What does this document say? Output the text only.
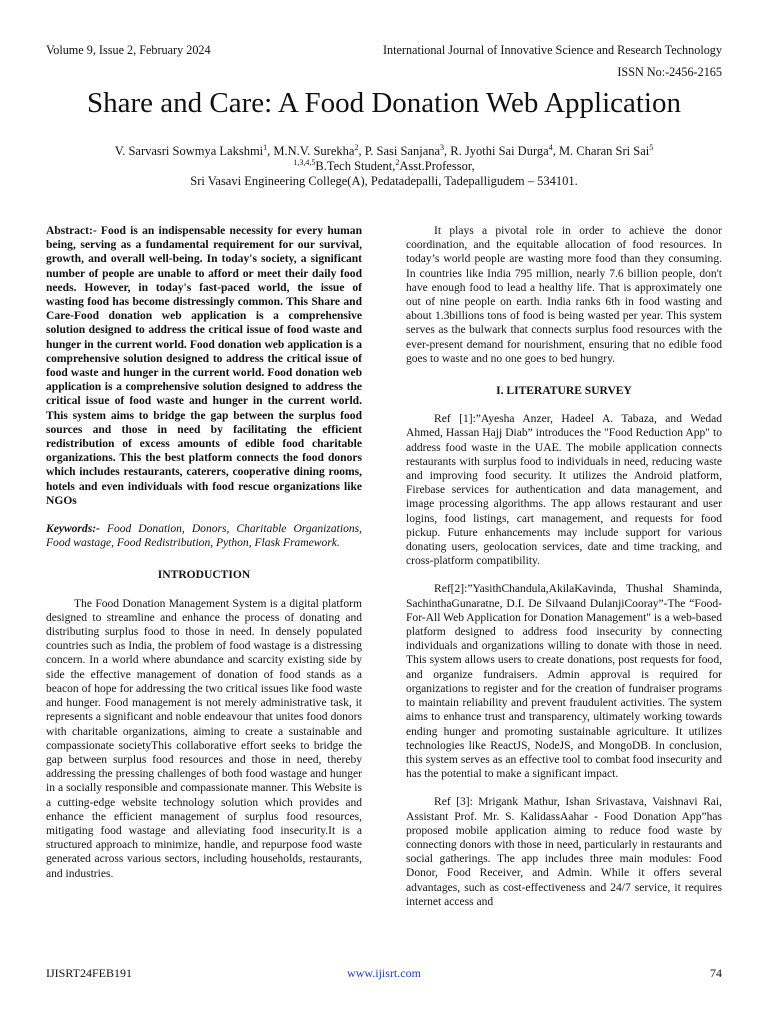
Volume 9, Issue 2, February 2024	International Journal of Innovative Science and Research Technology
ISSN No:-2456-2165
Share and Care: A Food Donation Web Application
V. Sarvasri Sowmya Lakshmi$^1$, M.N.V. Surekha$^2$, P. Sasi Sanjana$^3$, R. Jyothi Sai Durga$^4$, M. Charan Sri Sai$^5$
$^{1,3,4,5}$B.Tech Student,$^2$Asst.Professor,
Sri Vasavi Engineering College(A), Pedatadepalli, Tadepalligudem – 534101.

Abstract:- Food is an indispensable necessity for every human being, serving as a fundamental requirement for our survival, growth, and overall well-being. In today's society, a significant number of people are unable to afford or meet their daily food needs. However, in today's fast-paced world, the issue of wasting food has become distressingly common. This Share and Care-Food donation web application is a comprehensive solution designed to address the critical issue of food waste and hunger in the current world. Food donation web application is a comprehensive solution designed to address the critical issue of food waste and hunger in the current world. Food donation web application is a comprehensive solution designed to address the critical issue of food waste and hunger in the current world. This system aims to bridge the gap between the surplus food sources and those in need by facilitating the efficient redistribution of excess amounts of edible food charitable organizations. This the best platform connects the food donors which includes restaurants, caterers, cooperative dining rooms, hotels and even individuals with food rescue organizations like NGOs

Keywords:- Food Donation, Donors, Charitable Organizations, Food wastage, Food Redistribution, Python, Flask Framework.

INTRODUCTION

The Food Donation Management System is a digital platform designed to streamline and enhance the process of donating and distributing surplus food to those in need. In densely populated countries such as India, the problem of food wastage is a distressing concern. In a world where abundance and scarcity existing side by side the effective management of donation of food stands as a beacon of hope for addressing the two critical issues like food waste and hunger. Food management is not merely administrative task, it represents a significant and noble endeavour that unites food donors with charitable organizations, aiming to create a sustainable and compassionate societyThis collaborative effort seeks to bridge the gap between surplus food resources and those in need, thereby addressing the pressing challenges of both food wastage and hunger in a socially responsible and compassionate manner. This Website is a cutting-edge website technology solution which provides and enhance the efficient management of surplus food resources, mitigating food wastage and alleviating food insecurity.It is a structured approach to minimize, handle, and repurpose food waste generated across various sectors, including households, restaurants, and industries.

It plays a pivotal role in order to achieve the donor coordination, and the equitable allocation of food resources. In today’s world people are wasting more food than they consuming. In countries like India 795 million, nearly 7.6 billion people, don't have enough food to lead a healthy life. That is approximately one out of nine people on earth. India ranks 6th in food wasting and about 1.3billions tons of food is being wasted per year. This system serves as the bulwark that connects surplus food resources with the ever-present demand for nourishment, ensuring that no edible food goes to waste and no one goes to bed hungry.

I. LITERATURE SURVEY

Ref [1]:”Ayesha Anzer, Hadeel A. Tabaza, and Wedad Ahmed, Hassan Hajj Diab” introduces the "Food Reduction App" to address food waste in the UAE. The mobile application connects restaurants with surplus food to individuals in need, reducing waste and improving food security. It utilizes the Android platform, Firebase services for authentication and data management, and image processing algorithms. The app allows restaurant and user logins, food listings, cart management, and requests for food pickup. Future enhancements may include support for various donating users, geolocation services, date and time tracking, and cross-platform compatibility.

Ref[2]:”YasithChandula,AkilaKavinda, Thushal Shaminda, SachinthaGunaratne, D.I. De Silvaand DulanjiCooray”-The “Food-For-All Web Application for Donation Management" is a web-based platform designed to address food insecurity by connecting individuals and organizations willing to donate with those in need. This system allows users to create donations, post requests for food, and organize fundraisers. Admin approval is required for organizations to register and for the creation of fundraiser programs to maintain reliability and prevent fraudulent activities. The system aims to enhance trust and transparency, ultimately working towards ending hunger and promoting sustainable agriculture. It utilizes technologies like ReactJS, NodeJS, and MongoDB. In conclusion, this system serves as an effective tool to combat food insecurity and has the potential to make a significant impact.

Ref [3]: Mrigank Mathur, Ishan Srivastava, Vaishnavi Rai, Assistant Prof. Mr. S. KalidassAahar - Food Donation App”has proposed mobile application aiming to reduce food waste by connecting donors with those in need, particularly in restaurants and social gatherings. The app includes three main modules: Food Donor, Food Receiver, and Admin. While it offers several advantages, such as cost-effectiveness and 24/7 service, it requires internet access and

IJISRT24FEB191	www.ijisrt.com	74
